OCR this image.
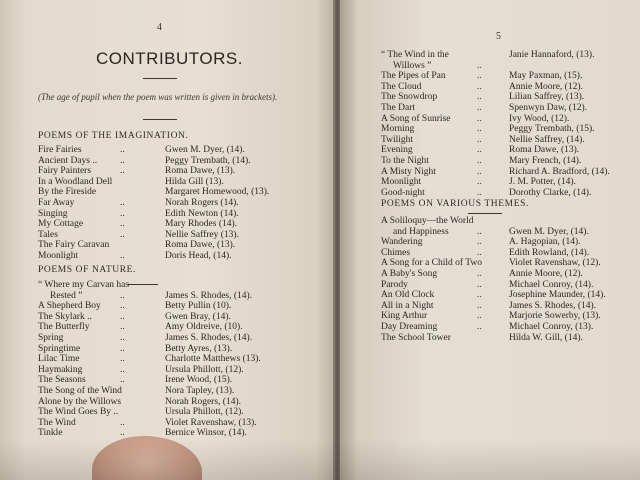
4
CONTRIBUTORS.
(The age of pupil when the poem was written is given in brackets).
POEMS OF THE IMAGINATION.
Fire Fairies	..	Gwen M. Dyer, (14).
Ancient Days .. ..	Peggy Trembath, (14).
Fairy Painters	..	Roma Dawe, (13).
In a Woodland Dell	Hilda Gill (13).
By the Fireside	Margaret Homewood, (13).
Far Away	..	Norah Rogers (14).
Singing	..	Edith Newton (14).
My Cottage	..	Mary Rhodes (14).
Tales	..	Nellie Saffrey (13).
The Fairy Caravan	Roma Dawe, (13).
Moonlight	..	Doris Head, (14).
POEMS OF NATURE.
“ Where my Carvan has
Rested ”	..	James S. Rhodes, (14).
A Shepherd Boy ..	Betty Pullin (10).
The Skylark ..	..	Gwen Bray, (14).
The Butterfly	..	Amy Oldreive, (10).
Spring	..	James S. Rhodes, (14).
Springtime	..	Betty Ayres, (13).
Lilac Time	..	Charlotte Matthews (13).
Haymaking	..	Ursula Phillott, (12).
The Seasons	..	Irene Wood, (15).
The Song of the Wind	Nora Tapley, (13).
Alone by the Willows	Norah Rogers, (14).
The Wind Goes By ..	Ursula Phillott, (12).
The Wind	..	Violet Ravenshaw, (13).
Tinkle	..	Bernice Winsor, (14).
5
“ The Wind in the	Janie Hannaford, (13).
Willows ”	..
The Pipes of Pan	..	May Paxman, (15).
The Cloud	..	Annie Moore, (12).
The Snowdrop	..	Lilian Saffrey, (13).
The Dart	..	Spenwyn Daw, (12).
A Song of Sunrise	..	Ivy Wood, (12).
Morning	..	Peggy Trembath, (15).
Twilight	..	Nellie Saffrey, (14).
Evening	..	Roma Dawe, (13).
To the Night	..	Mary French, (14).
A Misty Night	..	Richard A. Bradford, (14).
Moonlight	..	J. M. Potter, (14).
Good-night	..	Dorothy Clarke, (14).
POEMS ON VARIOUS THEMES.
A Soliloquy—the World
and Happiness	..	Gwen M. Dyer, (14).
Wandering	..	A. Hagopian, (14).
Chimes	..	Edith Rowland, (14).
A Song for a Child of Two	Violet Ravenshaw, (12).
A Baby's Song	..	Annie Moore, (12).
Parody	..	Michael Conroy, (14).
An Old Clock	..	Josephine Maunder, (14).
All in a Night	..	James S. Rhodes, (14).
King Arthur	..	Marjorie Sowerby, (13).
Day Dreaming	..	Michael Conroy, (13).
The School Tower	Hilda W. Gill, (14).
